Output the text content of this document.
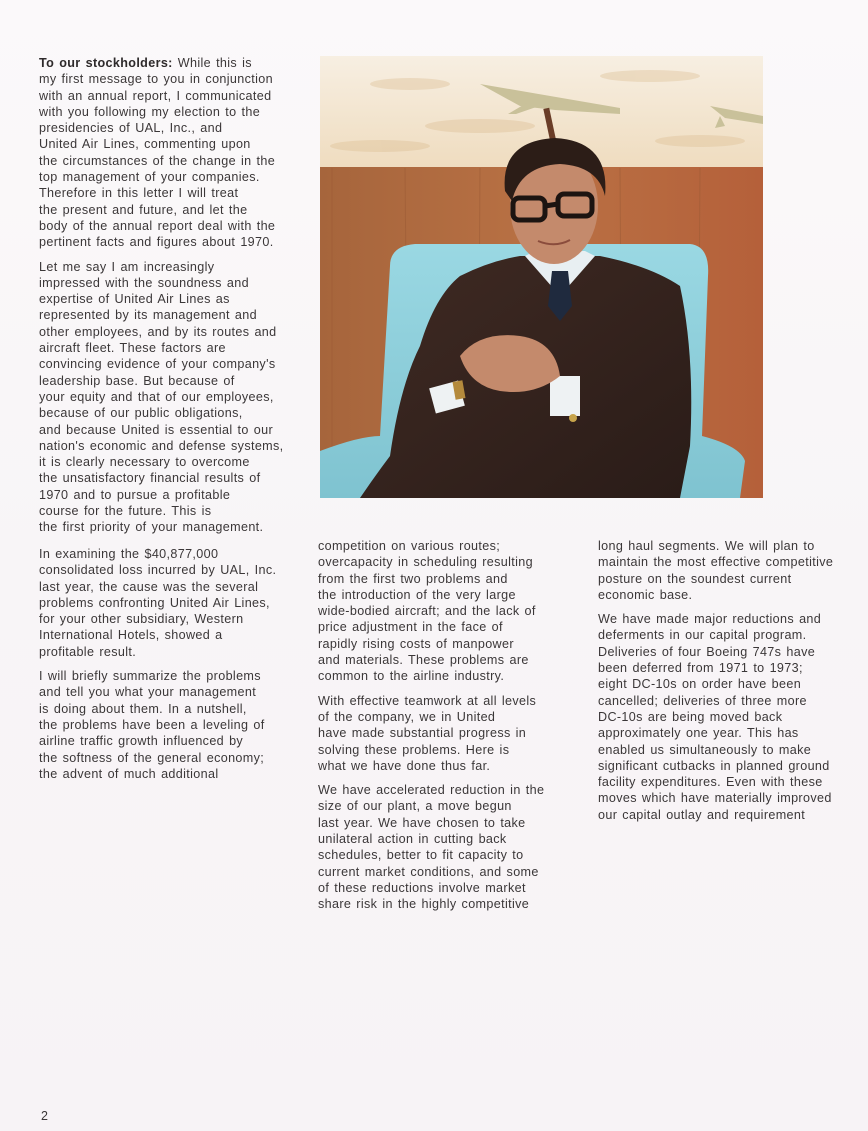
To our stockholders: While this is
my first message to you in conjunction
with an annual report, I communicated
with you following my election to the
presidencies of UAL, Inc., and
United Air Lines, commenting upon
the circumstances of the change in the
top management of your companies.
Therefore in this letter I will treat
the present and future, and let the
body of the annual report deal with the
pertinent facts and figures about 1970.

Let me say I am increasingly
impressed with the soundness and
expertise of United Air Lines as
represented by its management and
other employees, and by its routes and
aircraft fleet. These factors are
convincing evidence of your company's
leadership base. But because of
your equity and that of our employees,
because of our public obligations,
and because United is essential to our
nation's economic and defense systems,
it is clearly necessary to overcome
the unsatisfactory financial results of
1970 and to pursue a profitable
course for the future. This is
the first priority of your management.

In examining the $40,877,000
consolidated loss incurred by UAL, Inc.
last year, the cause was the several
problems confronting United Air Lines,
for your other subsidiary, Western
International Hotels, showed a
profitable result.

I will briefly summarize the problems
and tell you what your management
is doing about them. In a nutshell,
the problems have been a leveling of
airline traffic growth influenced by
the softness of the general economy;
the advent of much additional

competition on various routes;
overcapacity in scheduling resulting
from the first two problems and
the introduction of the very large
wide-bodied aircraft; and the lack of
price adjustment in the face of
rapidly rising costs of manpower
and materials. These problems are
common to the airline industry.

With effective teamwork at all levels
of the company, we in United
have made substantial progress in
solving these problems. Here is
what we have done thus far.

We have accelerated reduction in the
size of our plant, a move begun
last year. We have chosen to take
unilateral action in cutting back
schedules, better to fit capacity to
current market conditions, and some
of these reductions involve market
share risk in the highly competitive

long haul segments. We will plan to
maintain the most effective competitive
posture on the soundest current
economic base.

We have made major reductions and
deferments in our capital program.
Deliveries of four Boeing 747s have
been deferred from 1971 to 1973;
eight DC-10s on order have been
cancelled; deliveries of three more
DC-10s are being moved back
approximately one year. This has
enabled us simultaneously to make
significant cutbacks in planned ground
facility expenditures. Even with these
moves which have materially improved
our capital outlay and requirement

2
